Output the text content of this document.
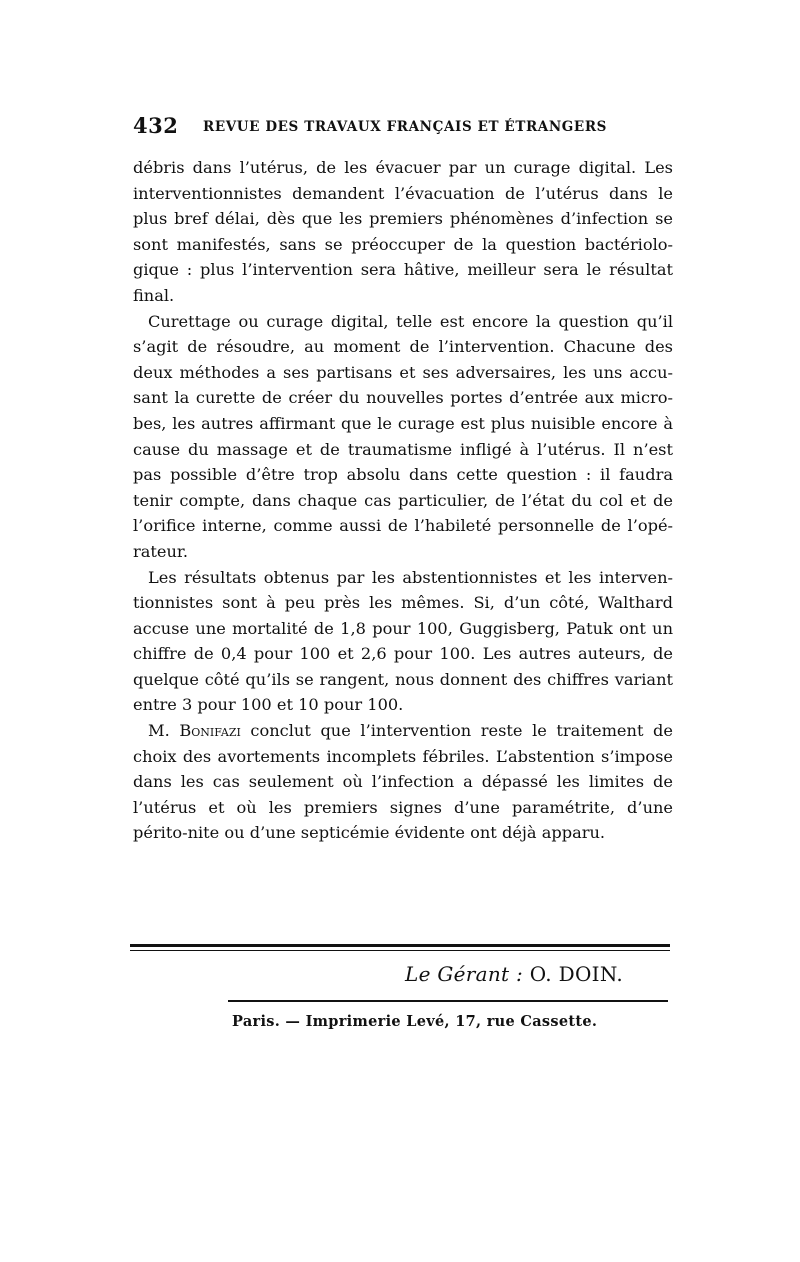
432 REVUE DES TRAVAUX FRANÇAIS ET ÉTRANGERS

débris dans l’utérus, de les évacuer par un curage digital. Les interventionnistes demandent l’évacuation de l’utérus dans le plus bref délai, dès que les premiers phénomènes d’infection se sont manifestés, sans se préoccuper de la question bactériolo-gique : plus l’intervention sera hâtive, meilleur sera le résultat final.

Curettage ou curage digital, telle est encore la question qu’il s’agit de résoudre, au moment de l’intervention. Chacune des deux méthodes a ses partisans et ses adversaires, les uns accu-sant la curette de créer du nouvelles portes d’entrée aux micro-bes, les autres affirmant que le curage est plus nuisible encore à cause du massage et de traumatisme infligé à l’utérus. Il n’est pas possible d’être trop absolu dans cette question : il faudra tenir compte, dans chaque cas particulier, de l’état du col et de l’orifice interne, comme aussi de l’habileté personnelle de l’opé-rateur.

Les résultats obtenus par les abstentionnistes et les interven-tionnistes sont à peu près les mêmes. Si, d’un côté, Walthard accuse une mortalité de 1,8 pour 100, Guggisberg, Patuk ont un chiffre de 0,4 pour 100 et 2,6 pour 100. Les autres auteurs, de quelque côté qu’ils se rangent, nous donnent des chiffres variant entre 3 pour 100 et 10 pour 100.

M. Bonifazi conclut que l’intervention reste le traitement de choix des avortements incomplets fébriles. L’abstention s’impose dans les cas seulement où l’infection a dépassé les limites de l’utérus et où les premiers signes d’une paramétrite, d’une périto-nite ou d’une septicémie évidente ont déjà apparu.

Le Gérant : O. DOIN.
Paris. — Imprimerie Levé, 17, rue Cassette.
